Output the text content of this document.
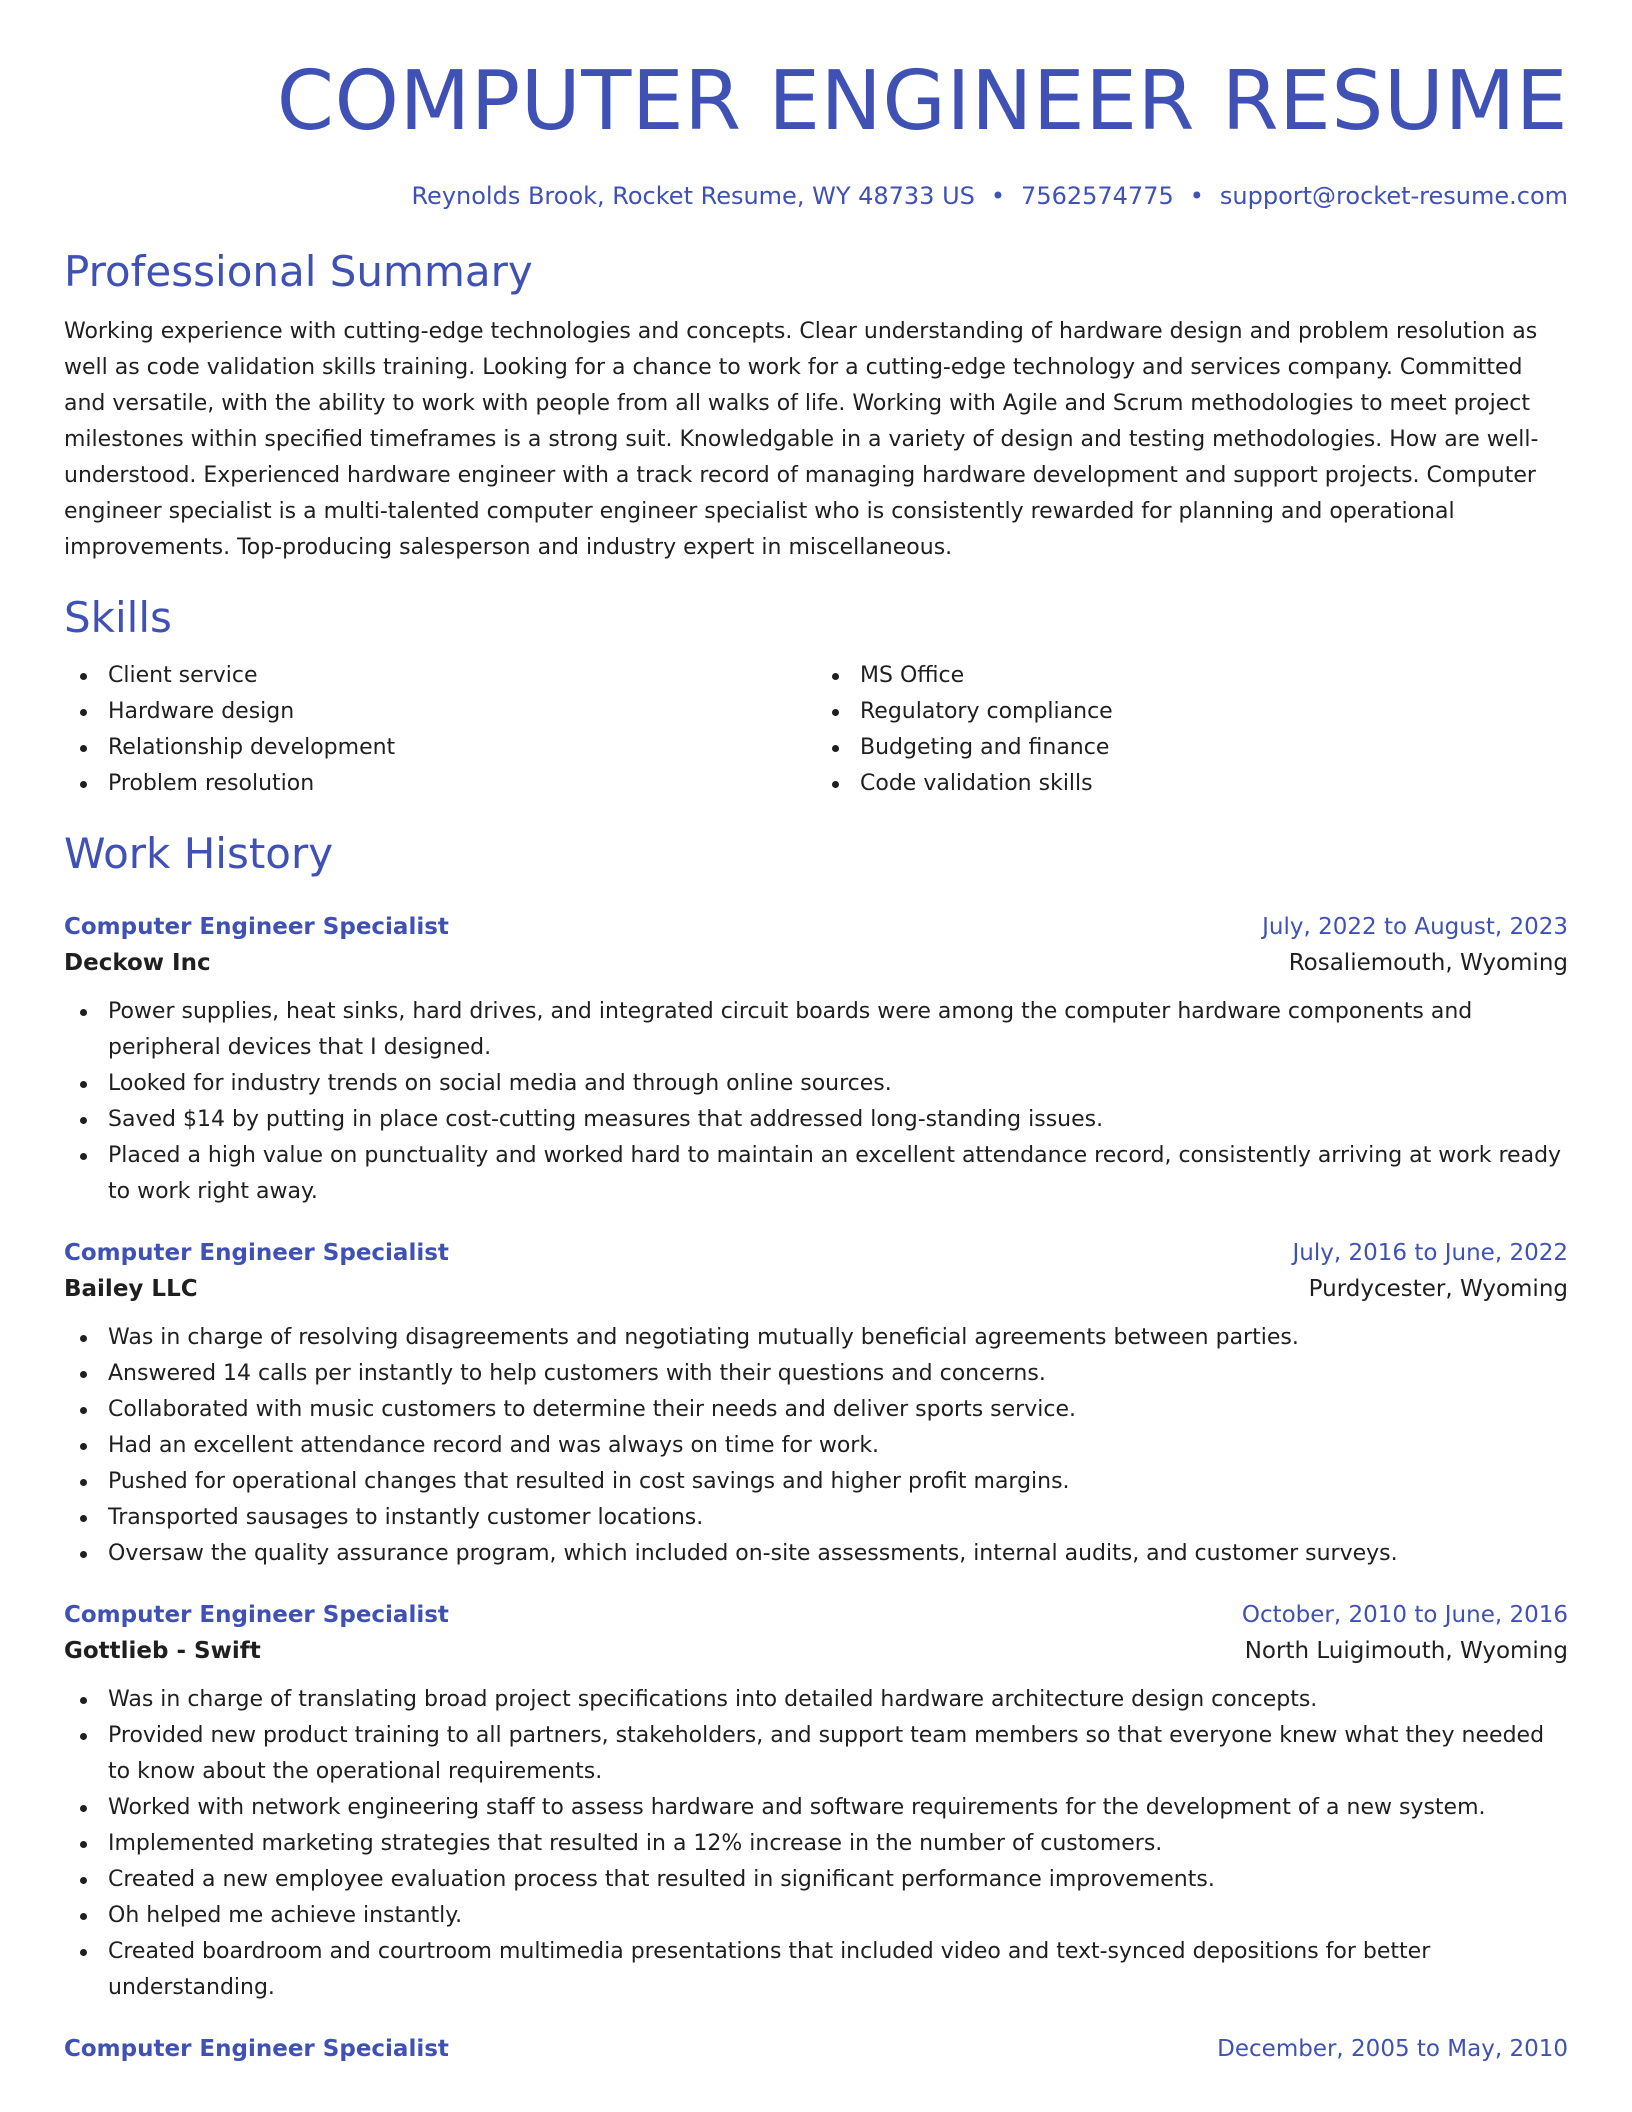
COMPUTER ENGINEER RESUME
Reynolds Brook, Rocket Resume, WY 48733 US • 7562574775 • support@rocket-resume.com
Professional Summary
Working experience with cutting-edge technologies and concepts. Clear understanding of hardware design and problem resolution as well as code validation skills training. Looking for a chance to work for a cutting-edge technology and services company. Committed and versatile, with the ability to work with people from all walks of life. Working with Agile and Scrum methodologies to meet project milestones within specified timeframes is a strong suit. Knowledgable in a variety of design and testing methodologies. How are well-understood. Experienced hardware engineer with a track record of managing hardware development and support projects. Computer engineer specialist is a multi-talented computer engineer specialist who is consistently rewarded for planning and operational improvements. Top-producing salesperson and industry expert in miscellaneous.
Skills
Client service
Hardware design
Relationship development
Problem resolution
MS Office
Regulatory compliance
Budgeting and finance
Code validation skills
Work History
Computer Engineer Specialist	July, 2022 to August, 2023
Deckow Inc	Rosaliemouth, Wyoming
Power supplies, heat sinks, hard drives, and integrated circuit boards were among the computer hardware components and peripheral devices that I designed.
Looked for industry trends on social media and through online sources.
Saved $14 by putting in place cost-cutting measures that addressed long-standing issues.
Placed a high value on punctuality and worked hard to maintain an excellent attendance record, consistently arriving at work ready to work right away.
Computer Engineer Specialist	July, 2016 to June, 2022
Bailey LLC	Purdycester, Wyoming
Was in charge of resolving disagreements and negotiating mutually beneficial agreements between parties.
Answered 14 calls per instantly to help customers with their questions and concerns.
Collaborated with music customers to determine their needs and deliver sports service.
Had an excellent attendance record and was always on time for work.
Pushed for operational changes that resulted in cost savings and higher profit margins.
Transported sausages to instantly customer locations.
Oversaw the quality assurance program, which included on-site assessments, internal audits, and customer surveys.
Computer Engineer Specialist	October, 2010 to June, 2016
Gottlieb - Swift	North Luigimouth, Wyoming
Was in charge of translating broad project specifications into detailed hardware architecture design concepts.
Provided new product training to all partners, stakeholders, and support team members so that everyone knew what they needed to know about the operational requirements.
Worked with network engineering staff to assess hardware and software requirements for the development of a new system.
Implemented marketing strategies that resulted in a 12% increase in the number of customers.
Created a new employee evaluation process that resulted in significant performance improvements.
Oh helped me achieve instantly.
Created boardroom and courtroom multimedia presentations that included video and text-synced depositions for better understanding.
Computer Engineer Specialist	December, 2005 to May, 2010
